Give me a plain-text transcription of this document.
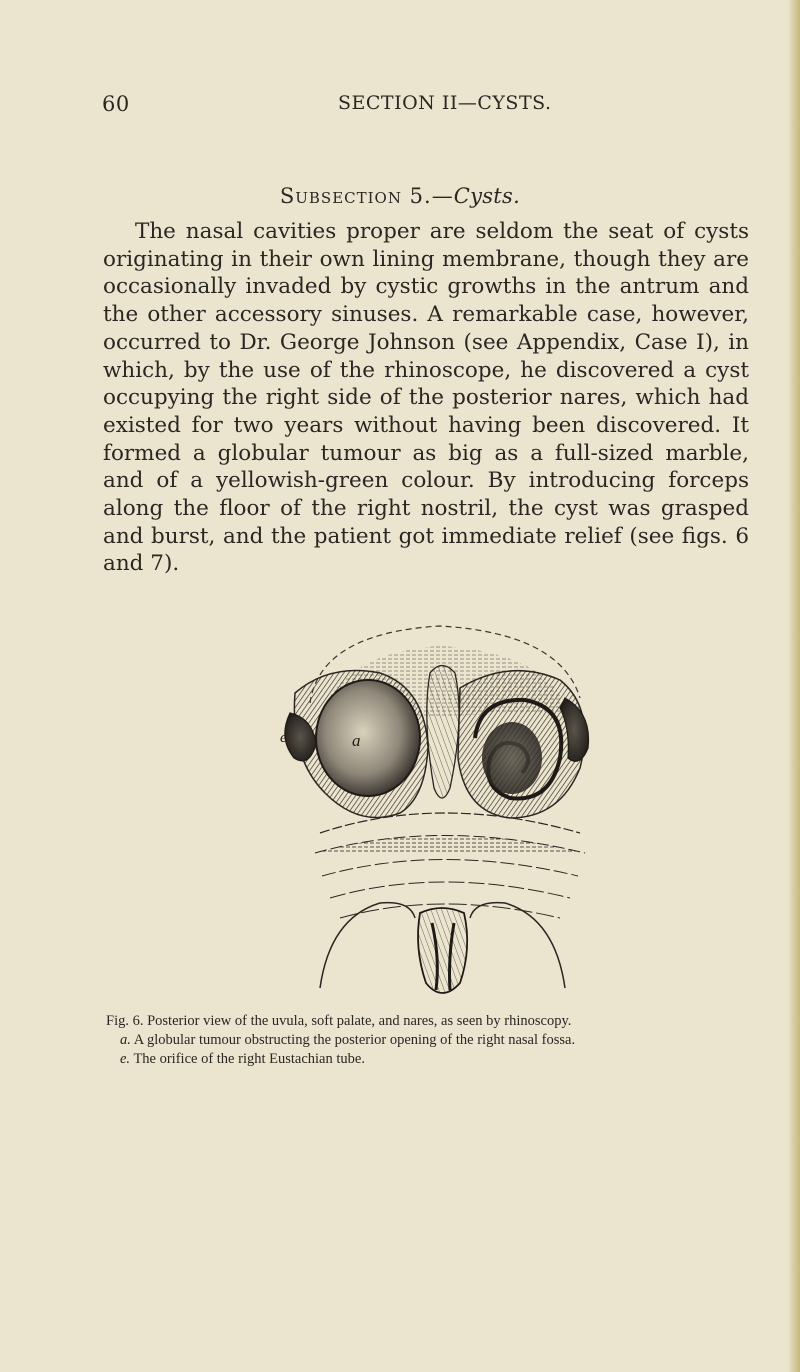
60	SECTION II—CYSTS.
Subsection 5.—Cysts.

The nasal cavities proper are seldom the seat of cysts originating in their own lining membrane, though they are occasionally invaded by cystic growths in the antrum and the other accessory sinuses. A remarkable case, however, occurred to Dr. George Johnson (see Appendix, Case I), in which, by the use of the rhinoscope, he discovered a cyst occupying the right side of the posterior nares, which had existed for two years without having been discovered. It formed a globular tumour as big as a full-sized marble, and of a yellowish-green colour. By introducing forceps along the floor of the right nostril, the cyst was grasped and burst, and the patient got immediate relief (see figs. 6 and 7).

a
e

Fig. 6. Posterior view of the uvula, soft palate, and nares, as seen by rhinoscopy.

a. A globular tumour obstructing the posterior opening of the right nasal fossa.

e. The orifice of the right Eustachian tube.
